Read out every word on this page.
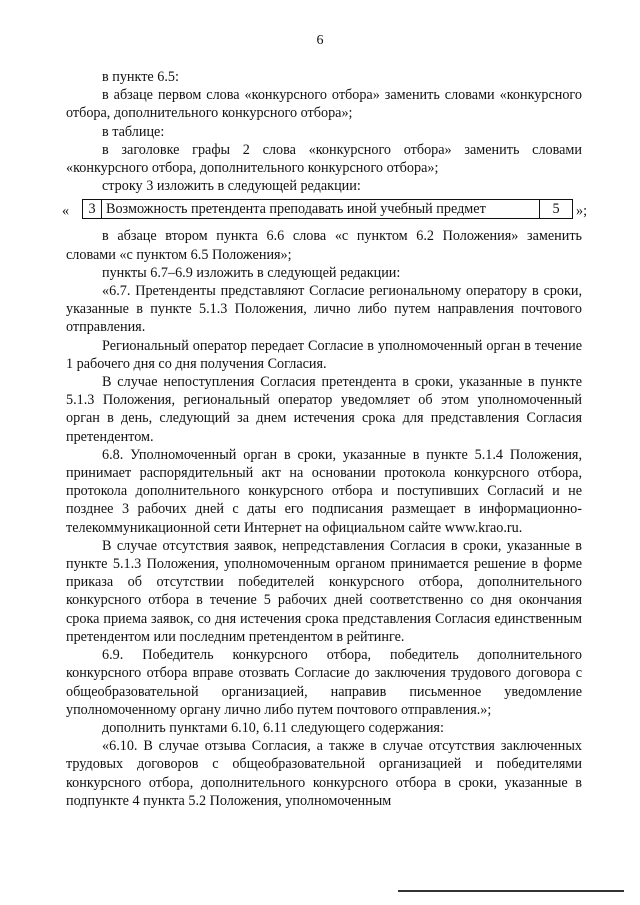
6

в пункте 6.5:

в абзаце первом слова «конкурсного отбора» заменить словами «конкурсного отбора, дополнительного конкурсного отбора»;

в таблице:

в заголовке графы 2 слова «конкурсного отбора» заменить словами «конкурсного отбора, дополнительного конкурсного отбора»;

строку 3 изложить в следующей редакции:

«	3 Возможность претендента преподавать иной учебный предмет	5	»;

в абзаце втором пункта 6.6 слова «с пунктом 6.2 Положения» заменить словами «с пунктом 6.5 Положения»;

пункты 6.7–6.9 изложить в следующей редакции:

«6.7. Претенденты представляют Согласие региональному оператору в сроки, указанные в пункте 5.1.3 Положения, лично либо путем направления почтового отправления.

Региональный оператор передает Согласие в уполномоченный орган в течение 1 рабочего дня со дня получения Согласия.

В случае непоступления Согласия претендента в сроки, указанные в пункте 5.1.3 Положения, региональный оператор уведомляет об этом уполномоченный орган в день, следующий за днем истечения срока для представления Согласия претендентом.

6.8. Уполномоченный орган в сроки, указанные в пункте 5.1.4 Положения, принимает распорядительный акт на основании протокола конкурсного отбора, протокола дополнительного конкурсного отбора и поступивших Согласий и не позднее 3 рабочих дней с даты его подписания размещает в информационно-телекоммуникационной сети Интернет на официальном сайте www.krao.ru.

В случае отсутствия заявок, непредставления Согласия в сроки, указанные в пункте 5.1.3 Положения, уполномоченным органом принимается решение в форме приказа об отсутствии победителей конкурсного отбора, дополнительного конкурсного отбора в течение 5 рабочих дней соответственно со дня окончания срока приема заявок, со дня истечения срока представления Согласия единственным претендентом или последним претендентом в рейтинге.

6.9. Победитель конкурсного отбора, победитель дополнительного конкурсного отбора вправе отозвать Согласие до заключения трудового договора с общеобразовательной организацией, направив письменное уведомление уполномоченному органу лично либо путем почтового отправления.»;

дополнить пунктами 6.10, 6.11 следующего содержания:

«6.10. В случае отзыва Согласия, а также в случае отсутствия заключенных трудовых договоров с общеобразовательной организацией и победителями конкурсного отбора, дополнительного конкурсного отбора в сроки, указанные в подпункте 4 пункта 5.2 Положения, уполномоченным
